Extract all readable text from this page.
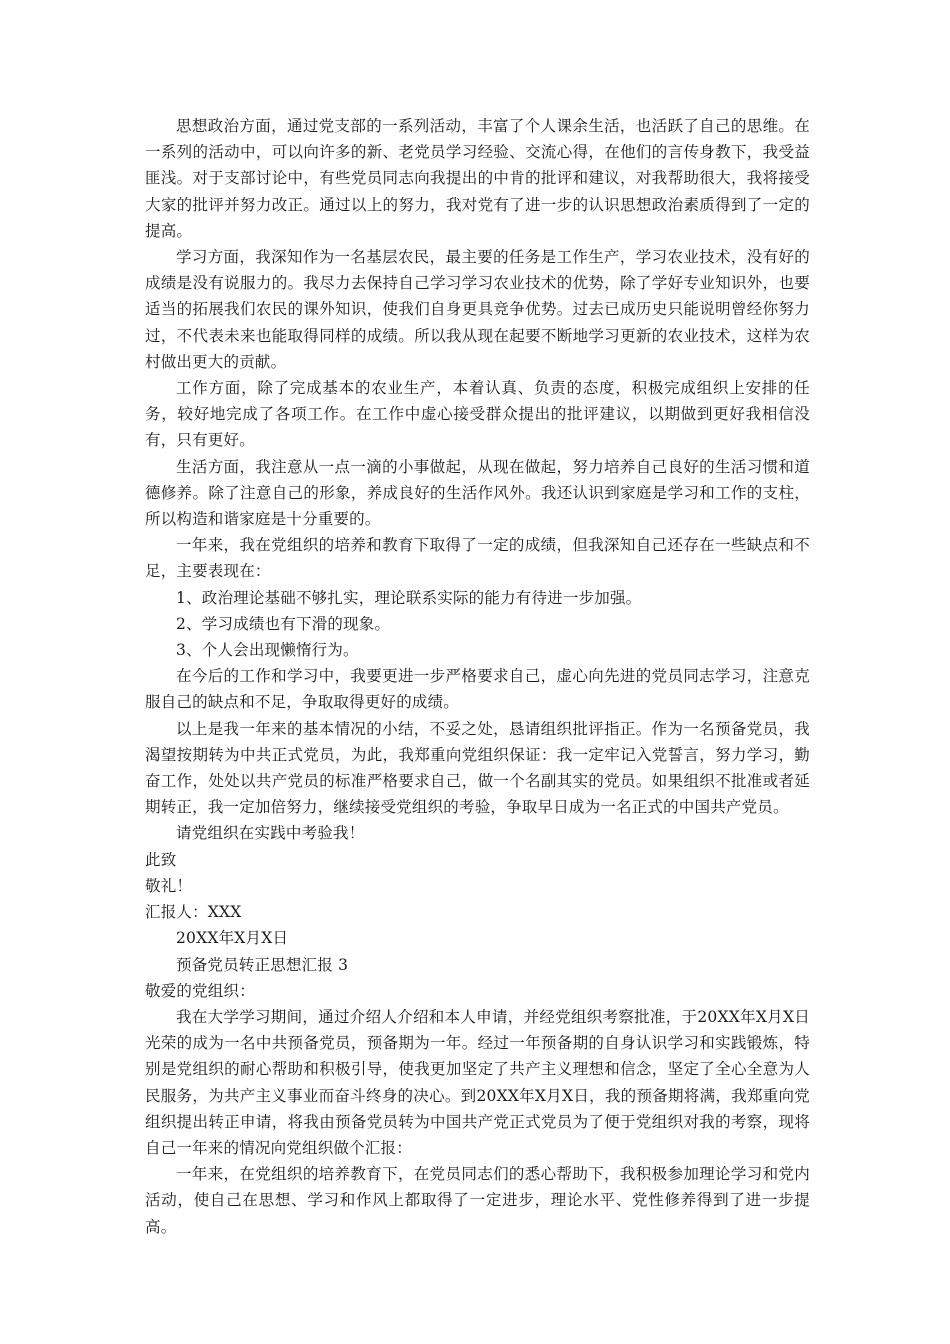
思想政治方面，通过党支部的一系列活动，丰富了个人课余生活，也活跃了自己的思维。在一系列的活动中，可以向许多的新、老党员学习经验、交流心得，在他们的言传身教下，我受益匪浅。对于支部讨论中，有些党员同志向我提出的中肯的批评和建议，对我帮助很大，我将接受大家的批评并努力改正。通过以上的努力，我对党有了进一步的认识思想政治素质得到了一定的提高。

学习方面，我深知作为一名基层农民，最主要的任务是工作生产，学习农业技术，没有好的成绩是没有说服力的。我尽力去保持自己学习学习农业技术的优势，除了学好专业知识外，也要适当的拓展我们农民的课外知识，使我们自身更具竞争优势。过去已成历史只能说明曾经你努力过，不代表未来也能取得同样的成绩。所以我从现在起要不断地学习更新的农业技术，这样为农村做出更大的贡献。

工作方面，除了完成基本的农业生产，本着认真、负责的态度，积极完成组织上安排的任务，较好地完成了各项工作。在工作中虚心接受群众提出的批评建议，以期做到更好我相信没有，只有更好。

生活方面，我注意从一点一滴的小事做起，从现在做起，努力培养自己良好的生活习惯和道德修养。除了注意自己的形象，养成良好的生活作风外。我还认识到家庭是学习和工作的支柱，所以构造和谐家庭是十分重要的。

一年来，我在党组织的培养和教育下取得了一定的成绩，但我深知自己还存在一些缺点和不足，主要表现在：

1、政治理论基础不够扎实，理论联系实际的能力有待进一步加强。

2、学习成绩也有下滑的现象。

3、个人会出现懒惰行为。

在今后的工作和学习中，我要更进一步严格要求自己，虚心向先进的党员同志学习，注意克服自己的缺点和不足，争取取得更好的成绩。

以上是我一年来的基本情况的小结，不妥之处，恳请组织批评指正。作为一名预备党员，我渴望按期转为中共正式党员，为此，我郑重向党组织保证：我一定牢记入党誓言，努力学习，勤奋工作，处处以共产党员的标准严格要求自己，做一个名副其实的党员。如果组织不批准或者延期转正，我一定加倍努力，继续接受党组织的考验，争取早日成为一名正式的中国共产党员。

请党组织在实践中考验我！

此致

敬礼！

汇报人：XXX

20XX年X月X日

预备党员转正思想汇报 3

敬爱的党组织：

我在大学学习期间，通过介绍人介绍和本人申请，并经党组织考察批准，于20XX年X月X日光荣的成为一名中共预备党员，预备期为一年。经过一年预备期的自身认识学习和实践锻炼，特别是党组织的耐心帮助和积极引导，使我更加坚定了共产主义理想和信念，坚定了全心全意为人民服务，为共产主义事业而奋斗终身的决心。到20XX年X月X日，我的预备期将满，我郑重向党组织提出转正申请，将我由预备党员转为中国共产党正式党员为了便于党组织对我的考察，现将自己一年来的情况向党组织做个汇报：

一年来，在党组织的培养教育下，在党员同志们的悉心帮助下，我积极参加理论学习和党内活动，使自己在思想、学习和作风上都取得了一定进步，理论水平、党性修养得到了进一步提高。
